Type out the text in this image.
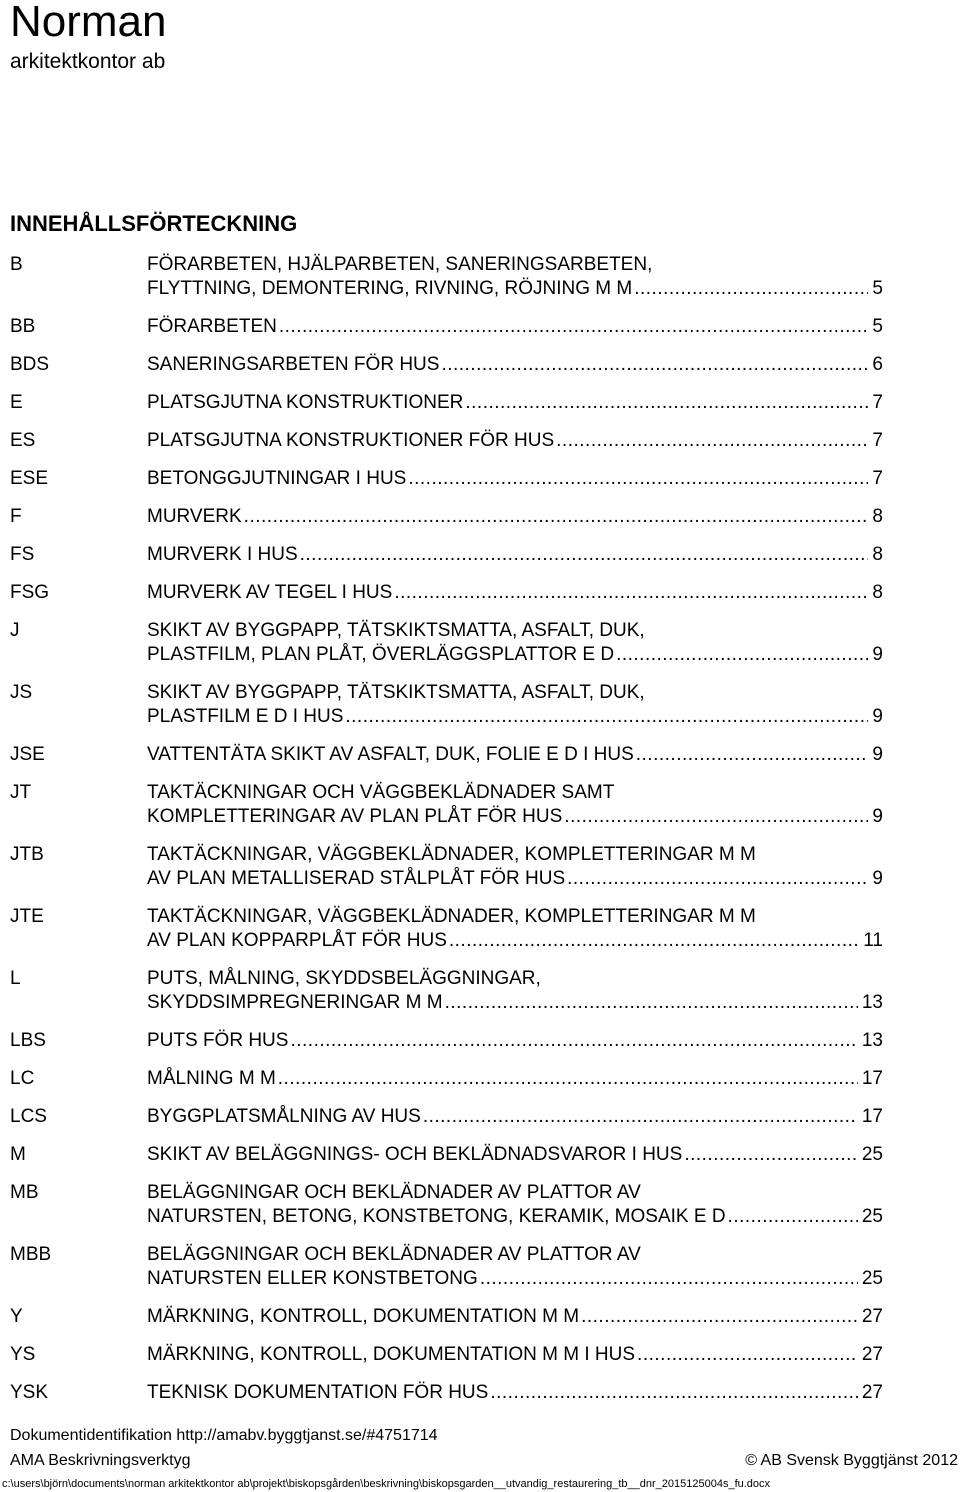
Norman
arkitektkontor ab
INNEHÅLLSFÖRTECKNING
B	FÖRARBETEN, HJÄLPARBETEN, SANERINGSARBETEN,
FLYTTNING, DEMONTERING, RIVNING, RÖJNING M M .....	5
BB	FÖRARBETEN .....	5
BDS	SANERINGSARBETEN FÖR HUS .....	6
E	PLATSGJUTNA KONSTRUKTIONER .....	7
ES	PLATSGJUTNA KONSTRUKTIONER FÖR HUS .....	7
ESE	BETONGGJUTNINGAR I HUS .....	7
F	MURVERK .....	8
FS	MURVERK I HUS .....	8
FSG	MURVERK AV TEGEL I HUS .....	8
J	SKIKT AV BYGGPAPP, TÄTSKIKTSMATTA, ASFALT, DUK,
PLASTFILM, PLAN PLÅT, ÖVERLÄGGSPLATTOR E D .....	9
JS	SKIKT AV BYGGPAPP, TÄTSKIKTSMATTA, ASFALT, DUK,
PLASTFILM E D I HUS .....	9
JSE	VATTENTÄTA SKIKT AV ASFALT, DUK, FOLIE E D I HUS .....	9
JT	TAKTÄCKNINGAR OCH VÄGGBEKLÄDNADER SAMT
KOMPLETTERINGAR AV PLAN PLÅT FÖR HUS .....	9
JTB	TAKTÄCKNINGAR, VÄGGBEKLÄDNADER, KOMPLETTERINGAR M M
AV PLAN METALLISERAD STÅLPLÅT FÖR HUS .....	9
JTE	TAKTÄCKNINGAR, VÄGGBEKLÄDNADER, KOMPLETTERINGAR M M
AV PLAN KOPPARPLÅT FÖR HUS .....	11
L	PUTS, MÅLNING, SKYDDSBELÄGGNINGAR,
SKYDDSIMPREGNERINGAR M M .....	13
LBS	PUTS FÖR HUS .....	13
LC	MÅLNING M M .....	17
LCS	BYGGPLATSMÅLNING AV HUS .....	17
M	SKIKT AV BELÄGGNINGS- OCH BEKLÄDNADSVAROR I HUS .....	25
MB	BELÄGGNINGAR OCH BEKLÄDNADER AV PLATTOR AV
NATURSTEN, BETONG, KONSTBETONG, KERAMIK, MOSAIK E D .....	25
MBB	BELÄGGNINGAR OCH BEKLÄDNADER AV PLATTOR AV
NATURSTEN ELLER KONSTBETONG .....	25
Y	MÄRKNING, KONTROLL, DOKUMENTATION M M .....	27
YS	MÄRKNING, KONTROLL, DOKUMENTATION M M I HUS .....	27
YSK	TEKNISK DOKUMENTATION FÖR HUS .....	27
Dokumentidentifikation http://amabv.byggtjanst.se/#4751714
AMA Beskrivningsverktyg	© AB Svensk Byggtjänst 2012
c:\users\björn\documents\norman arkitektkontor ab\projekt\biskopsgården\beskrivning\biskopsgarden__utvandig_restaurering_tb__dnr_2015125004s_fu.docx
